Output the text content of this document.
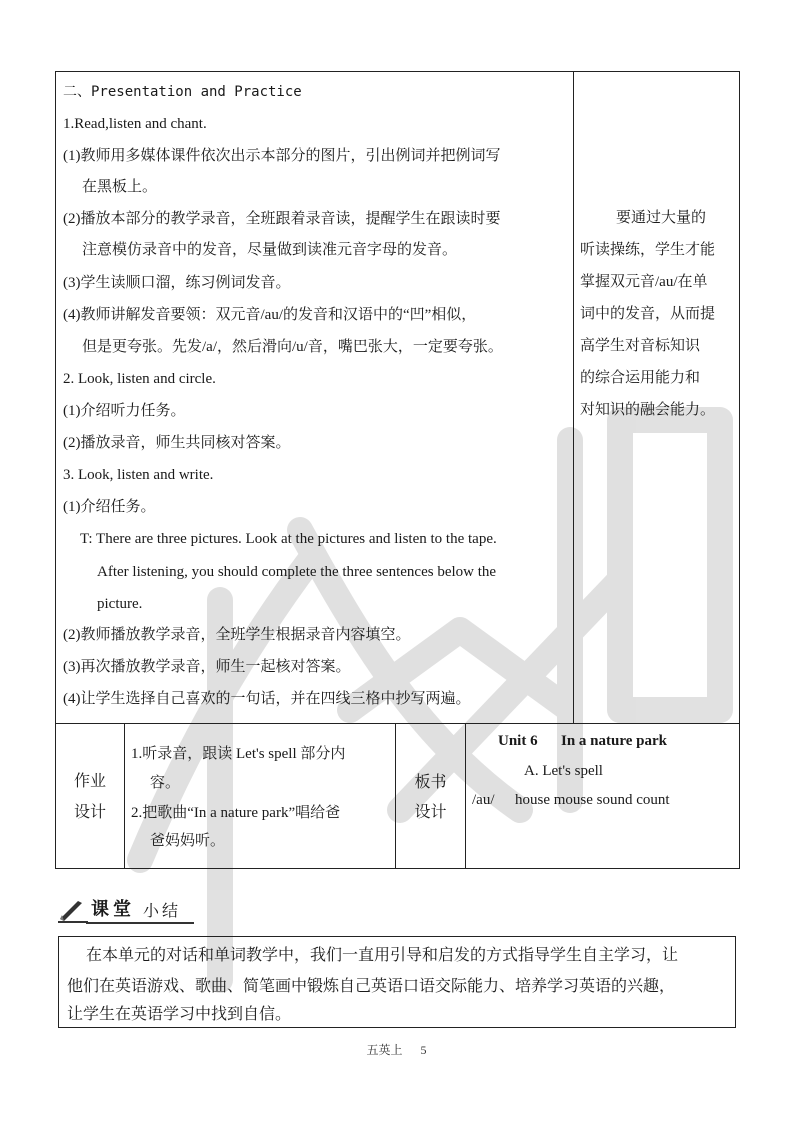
二、Presentation and Practice
1.Read,listen and chant.
(1)教师用多媒体课件依次出示本部分的图片，引出例词并把例词写
在黑板上。
(2)播放本部分的教学录音，全班跟着录音读，提醒学生在跟读时要
注意模仿录音中的发音，尽量做到读准元音字母的发音。
(3)学生读顺口溜，练习例词发音。
(4)教师讲解发音要领：双元音/au/的发音和汉语中的“凹”相似，
但是更夸张。先发/a/，然后滑向/u/音，嘴巴张大，一定要夸张。
2. Look, listen and circle.
(1)介绍听力任务。
(2)播放录音，师生共同核对答案。
3. Look, listen and write.
(1)介绍任务。
T: There are three pictures. Look at the pictures and listen to the tape.
After listening, you should complete the three sentences below the
picture.
(2)教师播放教学录音，全班学生根据录音内容填空。
(3)再次播放教学录音，师生一起核对答案。
(4)让学生选择自己喜欢的一句话，并在四线三格中抄写两遍。
要通过大量的
听读操练，学生才能
掌握双元音/au/在单
词中的发音，从而提
高学生对音标知识
的综合运用能力和
对知识的融会能力。
作业
设计
1.听录音，跟读 Let's spell 部分内
容。
2.把歌曲“In a nature park”唱给爸
爸妈妈听。
板书
设计
Unit 6 In a nature park
A. Let's spell
/au/ house mouse sound count
课堂 小结
在本单元的对话和单词教学中，我们一直用引导和启发的方式指导学生自主学习，让
他们在英语游戏、歌曲、简笔画中锻炼自己英语口语交际能力、培养学习英语的兴趣，
让学生在英语学习中找到自信。
五英上 5
